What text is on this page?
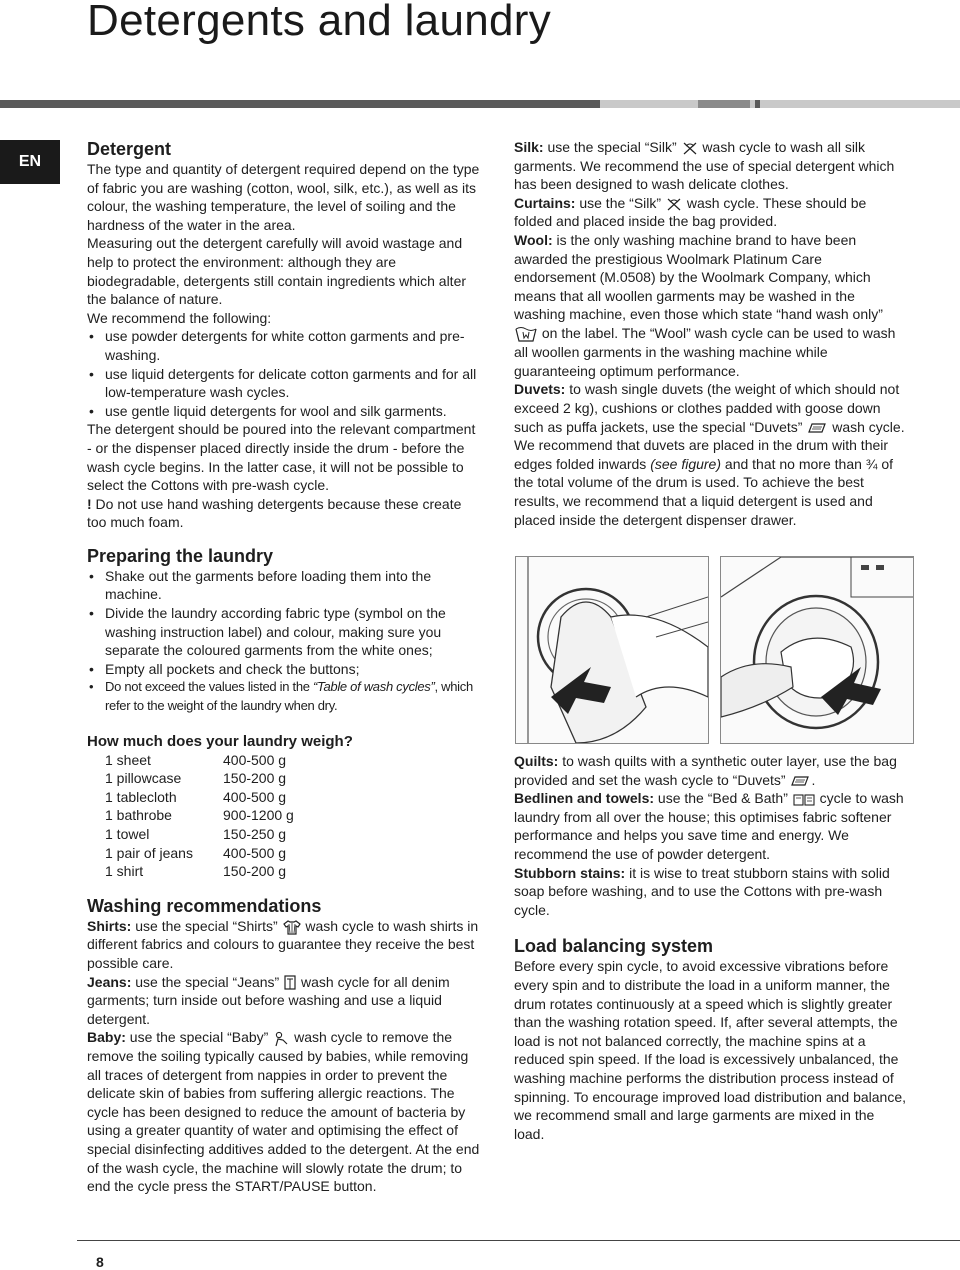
Detergents and laundry
EN
Detergent

The type and quantity of detergent required depend on the type of fabric you are washing (cotton, wool, silk, etc.), as well as its colour, the washing temperature, the level of soiling and the hardness of the water in the area.

Measuring out the detergent carefully will avoid wastage and help to protect the environment: although they are biodegradable, detergents still contain ingredients which alter the balance of nature.

We recommend the following:

• use powder detergents for white cotton garments and pre-washing.
• use liquid detergents for delicate cotton garments and for all low-temperature wash cycles.
• use gentle liquid detergents for wool and silk garments.

The detergent should be poured into the relevant compartment - or the dispenser placed directly inside the drum - before the wash cycle begins. In the latter case, it will not be possible to select the Cottons with pre-wash cycle.

! Do not use hand washing detergents because these create too much foam.

Preparing the laundry
• Shake out the garments before loading them into the machine.
• Divide the laundry according fabric type (symbol on the washing instruction label) and colour, making sure you separate the coloured garments from the white ones;
• Empty all pockets and check the buttons;
• Do not exceed the values listed in the “Table of wash cycles”, which refer to the weight of the laundry when dry.
How much does your laundry weigh?
1 sheet	400-500 g
1 pillowcase	150-200 g
1 tablecloth	400-500 g
1 bathrobe	900-1200 g
1 towel	150-250 g
1 pair of jeans	400-500 g
1 shirt	150-200 g
Washing recommendations

Shirts: use the special “Shirts”  wash cycle to wash shirts in different fabrics and colours to guarantee they receive the best possible care.

Jeans: use the special “Jeans”  wash cycle for all denim garments; turn inside out before washing and use a liquid detergent.

Baby: use the special “Baby”  wash cycle to remove the remove the soiling typically caused by babies, while removing all traces of detergent from nappies in order to prevent the delicate skin of babies from suffering allergic reactions. The cycle has been designed to reduce the amount of bacteria by using a greater quantity of water and optimising the effect of special disinfecting additives added to the detergent. At the end of the wash cycle, the machine will slowly rotate the drum; to end the cycle press the START/PAUSE button.

Silk: use the special “Silk”  wash cycle to wash all silk garments. We recommend the use of special detergent which has been designed to wash delicate clothes.

Curtains: use the “Silk”  wash cycle. These should be folded and placed inside the bag provided.

Wool: is the only washing machine brand to have been awarded the prestigious Woolmark Platinum Care endorsement (M.0508) by the Woolmark Company, which means that all woollen garments may be washed in the washing machine, even those which state “hand wash only”  on the label. The “Wool” wash cycle can be used to wash all woollen garments in the washing machine while guaranteeing optimum performance.

Duvets: to wash single duvets (the weight of which should not exceed 2 kg), cushions or clothes padded with goose down such as puffa jackets, use the special “Duvets”  wash cycle. We recommend that duvets are placed in the drum with their edges folded inwards (see figure) and that no more than ¾ of the total volume of the drum is used. To achieve the best results, we recommend that a liquid detergent is used and placed inside the detergent dispenser drawer.

Quilts: to wash quilts with a synthetic outer layer, use the bag provided and set the wash cycle to “Duvets” .

Bedlinen and towels: use the “Bed & Bath”  cycle to wash laundry from all over the house; this optimises fabric softener performance and helps you save time and energy. We recommend the use of powder detergent.

Stubborn stains: it is wise to treat stubborn stains with solid soap before washing, and to use the Cottons with pre-wash cycle.

Load balancing system

Before every spin cycle, to avoid excessive vibrations before every spin and to distribute the load in a uniform manner, the drum rotates continuously at a speed which is slightly greater than the washing rotation speed. If, after several attempts, the load is not not balanced correctly, the machine spins at a reduced spin speed. If the load is excessively unbalanced, the washing machine performs the distribution process instead of spinning. To encourage improved load distribution and balance, we recommend small and large garments are mixed in the load.

8
